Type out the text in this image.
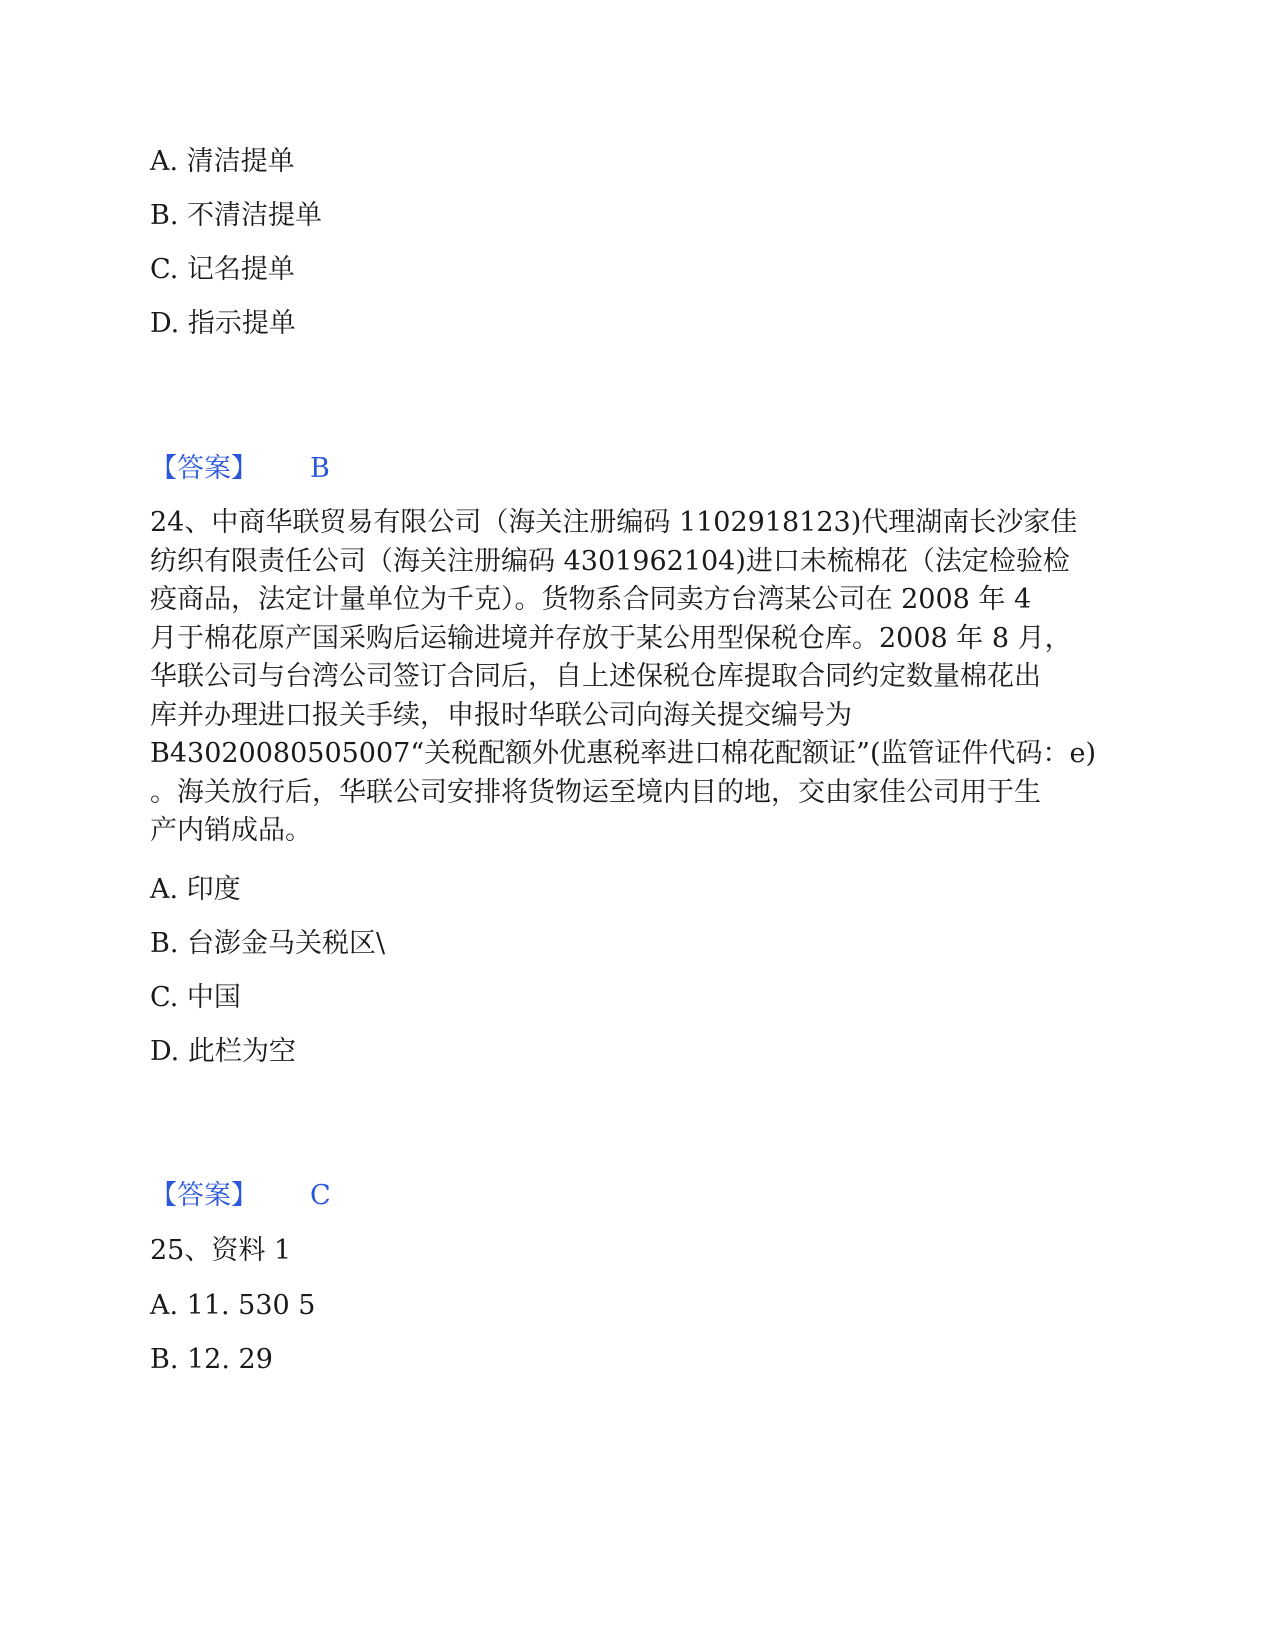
A. 清洁提单
B. 不清洁提单
C. 记名提单
D. 指示提单
【答案】 B
24、中商华联贸易有限公司（海关注册编码 1102918123)代理湖南长沙家佳
纺织有限责任公司（海关注册编码 4301962104)进口未梳棉花（法定检验检
疫商品，法定计量单位为千克）。货物系合同卖方台湾某公司在 2008 年 4
月于棉花原产国采购后运输进境并存放于某公用型保税仓库。2008 年 8 月，
华联公司与台湾公司签订合同后，自上述保税仓库提取合同约定数量棉花出
库并办理进口报关手续，申报时华联公司向海关提交编号为
B43020080505007“关税配额外优惠税率进口棉花配额证”(监管证件代码：e)
。海关放行后，华联公司安排将货物运至境内目的地，交由家佳公司用于生
产内销成品。
A. 印度
B. 台澎金马关税区\
C. 中国
D. 此栏为空
【答案】 C
25、资料 1
A. 11. 530 5
B. 12. 29
